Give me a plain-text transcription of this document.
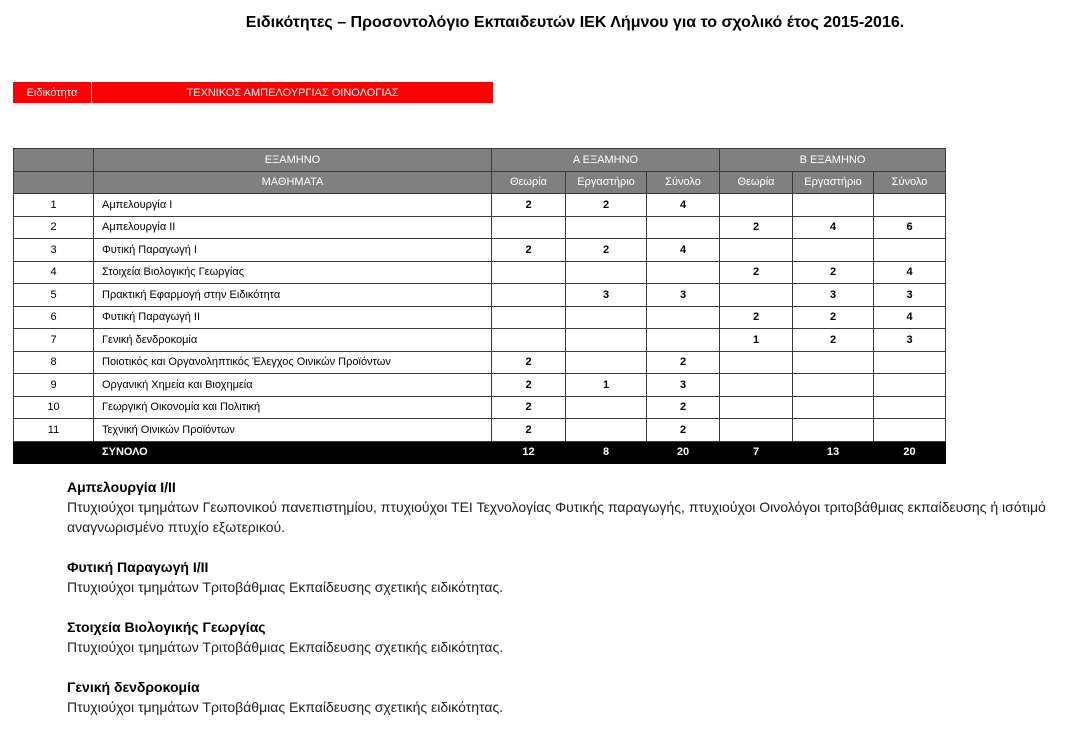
Ειδικότητες – Προσοντολόγιο Εκπαιδευτών ΙΕΚ Λήμνου για το σχολικό έτος 2015-2016.
Ειδικότητα	ΤΕΧΝΙΚΟΣ ΑΜΠΕΛΟΥΡΓΙΑΣ ΟΙΝΟΛΟΓΙΑΣ
	ΕΞΑΜΗΝΟ	Α ΕΞΑΜΗΝΟ			Β ΕΞΑΜΗΝΟ		
	ΜΑΘΗΜΑΤΑ	Θεωρία	Εργαστήριο	Σύνολο	Θεωρία	Εργαστήριο	Σύνολο
1	Αμπελουργία Ι	2	2	4			
2	Αμπελουργία ΙΙ				2	4	6
3	Φυτική Παραγωγή Ι	2	2	4			
4	Στοιχεία Βιολογικής Γεωργίας				2	2	4
5	Πρακτική Εφαρμογή στην Ειδικότητα		3	3		3	3
6	Φυτική Παραγωγή ΙΙ				2	2	4
7	Γενική δενδροκομία				1	2	3
8	Ποιοτικός και Οργανοληπτικός Έλεγχος Οινικών Προϊόντων	2		2			
9	Οργανική Χημεία και Βιοχημεία	2	1	3			
10	Γεωργική Οικονομία και Πολιτική	2		2			
11	Τεχνική Οινικών Προϊόντων	2		2			
	ΣΥΝΟΛΟ	12	8	20	7	13	20
Αμπελουργία Ι/ΙΙ
Πτυχιούχοι τμημάτων Γεωπονικού πανεπιστημίου, πτυχιούχοι ΤΕΙ Τεχνολογίας Φυτικής παραγωγής, πτυχιούχοι Οινολόγοι τριτοβάθμιας εκπαίδευσης ή ισότιμό αναγνωρισμένο πτυχίο εξωτερικού.
Φυτική Παραγωγή Ι/ΙΙ
Πτυχιούχοι τμημάτων Τριτοβάθμιας Εκπαίδευσης σχετικής ειδικότητας.
Στοιχεία Βιολογικής Γεωργίας
Πτυχιούχοι τμημάτων Τριτοβάθμιας Εκπαίδευσης σχετικής ειδικότητας.
Γενική δενδροκομία
Πτυχιούχοι τμημάτων Τριτοβάθμιας Εκπαίδευσης σχετικής ειδικότητας.
